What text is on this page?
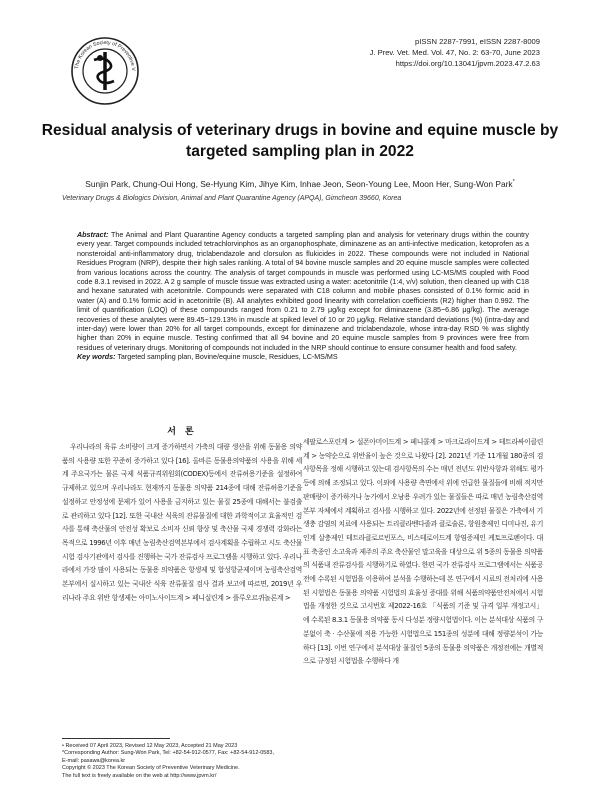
The Korean Society of Preventive V
pISSN 2287-7991, eISSN 2287-8009
J. Prev. Vet. Med. Vol. 47, No. 2: 63-70, June 2023
https://doi.org/10.13041/jpvm.2023.47.2.63
Residual analysis of veterinary drugs in bovine and equine muscle by targeted sampling plan in 2022
Sunjin Park, Chung-Oui Hong, Se-Hyung Kim, Jihye Kim, Inhae Jeon, Seon-Young Lee, Moon Her, Sung-Won Park*
Veterinary Drugs & Biologics Division, Animal and Plant Quarantine Agency (APQA), Gimcheon 39660, Korea
Abstract: The Animal and Plant Quarantine Agency conducts a targeted sampling plan and analysis for veterinary drugs within the country every year. Target compounds included tetrachlorvinphos as an organophosphate, diminazene as an anti-infective medication, ketoprofen as a nonsteroidal anti-inflammatory drug, triclabendazole and clorsulon as flukicides in 2022. These compounds were not included in National Residues Program (NRP), despite their high sales ranking. A total of 94 bovine muscle samples and 20 equine muscle samples were collected from various locations across the country. The analysis of target compounds in muscle was performed using LC-MS/MS coupled with Food code 8.3.1 revised in 2022. A 2 g sample of muscle tissue was extracted using a water: acetonitrile (1:4, v/v) solution, then cleaned up with C18 and hexane saturated with acetonitrile. Compounds were separated with C18 column and mobile phases consisted of 0.1% formic acid in water (A) and 0.1% formic acid in acetonitrile (B). All analytes exhibited good linearity with correlation coefficients (R2) higher than 0.992. The limit of quantification (LOQ) of these compounds ranged from 0.21 to 2.79 μg/kg except for diminazene (3.85~6.86 μg/kg). The average recoveries of these analytes were 89.45~129.13% in muscle at spiked level of 10 or 20 μg/kg. Relative standard deviations (%) (intra-day and inter-day) were lower than 20% for all target compounds, except for diminazene and triclabendazole, whose intra-day RSD % was slightly higher than 20% in equine muscle. Testing confirmed that all 94 bovine and 20 equine muscle samples from 9 provinces were free from residues of veterinary drugs. Monitoring of compounds not included in the NRP should continue to ensure consumer health and food safety.
Key words: Targeted sampling plan, Bovine/equine muscle, Residues, LC-MS/MS
서 론

우리나라의 육류 소비량이 크게 증가하면서 가축의 대량 생산을 위해 동물용 의약품의 사용량 또한 꾸준히 증가하고 있다 [16]. 올바른 동물용의약품의 사용을 위해 세계 주요국가는 물론 국제 식품규격위원회(CODEX)등에서 잔류허용기준을 설정하여 규제하고 있으며 우리나라도 현재까지 동물용 의약품 214종에 대해 잔류허용기준을 설정하고 안정성에 문제가 있어 사용을 금지하고 있는 물질 25종에 대해서는 불검출로 관리하고 있다 [12]. 또한 국내산 식육의 잔류물질에 대한 과학적이고 효율적인 검사를 통해 축산물의 안전성 확보로 소비자 신뢰 향상 및 축산물 국제 경쟁력 강화라는 목적으로 1996년 이후 매년 농림축산검역본부에서 검사계획을 수립하고 시도 축산물 시험 검사기관에서 검사를 진행하는 국가 잔류검사 프로그램을 시행하고 있다. 우리나라에서 가장 많이 사용되는 동물용 의약품은 항생제 및 합성항균제이며 농림축산검역본부에서 실시하고 있는 국내산 식육 잔류물질 검사 결과 보고에 따르면, 2019년 우리나라 주요 위반 항생제는 아미노사이드계 > 페니실린계 > 플루오르퀴놀론계 >

세팔로스포린계 > 설폰아미이드계 > 페니콜계 > 마크로라이드계 > 테트라싸이클린계 > 농약순으로 위반율이 높은 것으로 나왔다 [2]. 2021년 기준 11개월 180종의 검사항목을 정해 시행하고 있는데 검사항목의 수는 매년 전년도 위반사항과 위해도 평가등에 의해 조정되고 있다. 이외에 사용량 측면에서 위에 언급한 물질들에 비해 적지만 판매량이 증가하거나 농가에서 오남용 우려가 있는 물질들은 따로 매년 농림축산검역본부 자체에서 계획하고 검사를 시행하고 있다. 2022년에 선정된 물질은 가축에서 기생충 감염의 치료에 사용되는 트리클라벤다졸과 클로술론, 항원충제인 디미나진, 유기인계 살충제인 테트라클로르빈포스, 비스테로이드계 항염증제인 케토프로펜이다. 대표 축종인 소고육과 제주의 주요 축산물인 말고육을 대상으로 위 5종의 동물용 의약품의 식품내 잔류검사를 시행하기로 하였다. 한편 국가 잔류검사 프로그램에서는 식품공전에 수록된 시험법을 이용하여 분석을 수행하는데 본 연구에서 시료의 전처리에 사용된 시험법은 동물용 의약품 시험법의 효율성 증대를 위해 식품의약품안전처에서 시험법을 개정한 것으로 고시번호 제2022-16호 「식품의 기준 및 규격 일부 개정고시」에 수록된 8.3.1 동물용 의약품 동시 다성분 정량시험법이다. 이는 분석대상 식품의 구분없이 축 · 수산물에 적용 가능한 시험법으로 151종의 성분에 대해 정량분석이 가능하다 [13]. 이번 연구에서 분석대상 물질인 5종의 동물용 의약품은 개정전에는 개별적으로 규정된 시험법을 수행하다 개

• Received 07 April 2023, Revised 12 May 2023, Accepted 21 May 2023
*Corresponding Author: Sung-Won Park, Tel: +82-54-912-0577, Fax: +82-54-912-0583,
E-mail: pasawa@korea.kr
Copyright © 2023 The Korean Society of Preventive Veterinary Medicine.
The full text is freely available on the web at http://www.jpvm.kr/
